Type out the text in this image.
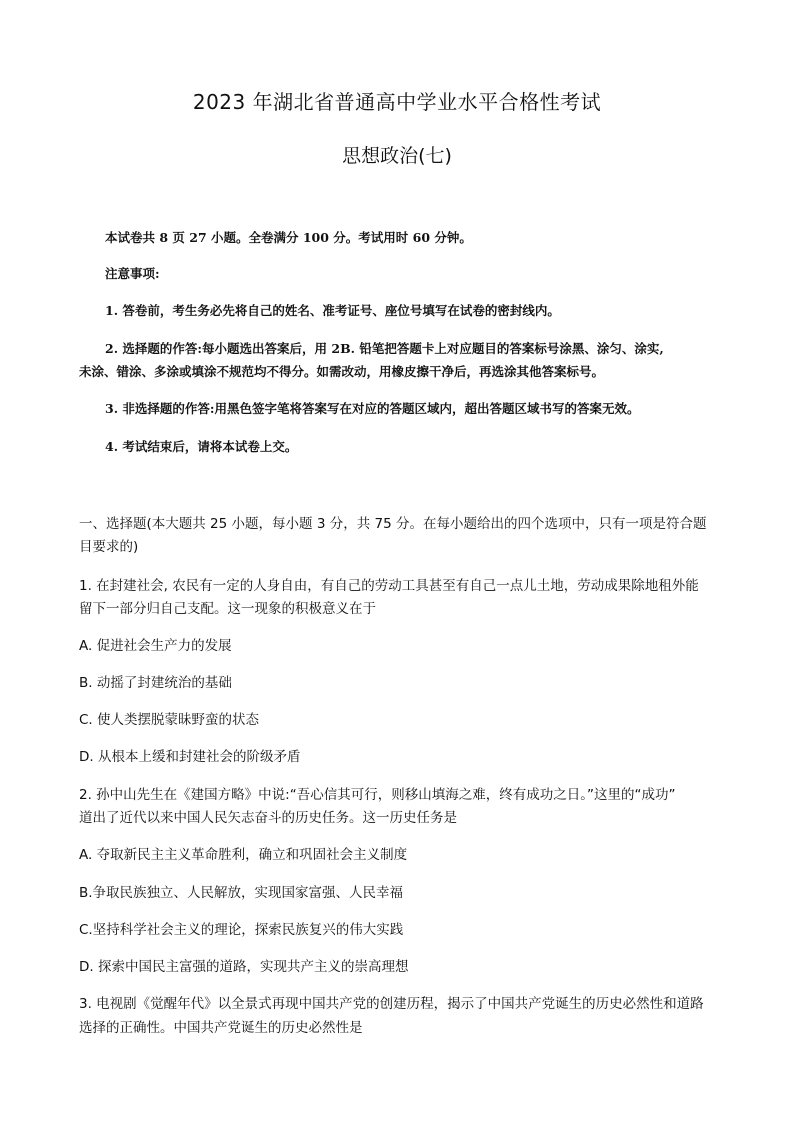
2023 年湖北省普通高中学业水平合格性考试
思想政治(七)
本试卷共 8 页 27 小题。全卷满分 100 分。考试用时 60 分钟。
注意事项:
1. 答卷前，考生务必先将自己的姓名、准考证号、座位号填写在试卷的密封线内。
2. 选择题的作答:每小题选出答案后，用 2B. 铅笔把答题卡上对应题目的答案标号涂黑、涂匀、涂实,
未涂、错涂、多涂或填涂不规范均不得分。如需改动，用橡皮擦干净后，再选涂其他答案标号。
3. 非选择题的作答:用黑色签字笔将答案写在对应的答题区域内，超出答题区域书写的答案无效。
4. 考试结束后，请将本试卷上交。
一、选择题(本大题共 25 小题，每小题 3 分，共 75 分。在每小题给出的四个选项中，只有一项是符合题
目要求的)
1. 在封建社会, 农民有一定的人身自由，有自己的劳动工具甚至有自己一点儿土地，劳动成果除地租外能
留下一部分归自己支配。这一现象的积极意义在于
A. 促进社会生产力的发展
B. 动摇了封建统治的基础
C. 使人类摆脱蒙昧野蛮的状态
D. 从根本上缓和封建社会的阶级矛盾
2. 孙中山先生在《建国方略》中说:“吾心信其可行，则移山填海之难，终有成功之日。”这里的“成功”
道出了近代以来中国人民矢志奋斗的历史任务。这一历史任务是
A. 夺取新民主主义革命胜利，确立和巩固社会主义制度
B.争取民族独立、人民解放，实现国家富强、人民幸福
C.坚持科学社会主义的理论，探索民族复兴的伟大实践
D. 探索中国民主富强的道路，实现共产主义的崇高理想
3. 电视剧《觉醒年代》以全景式再现中国共产党的创建历程，揭示了中国共产党诞生的历史必然性和道路
选择的正确性。中国共产党诞生的历史必然性是
